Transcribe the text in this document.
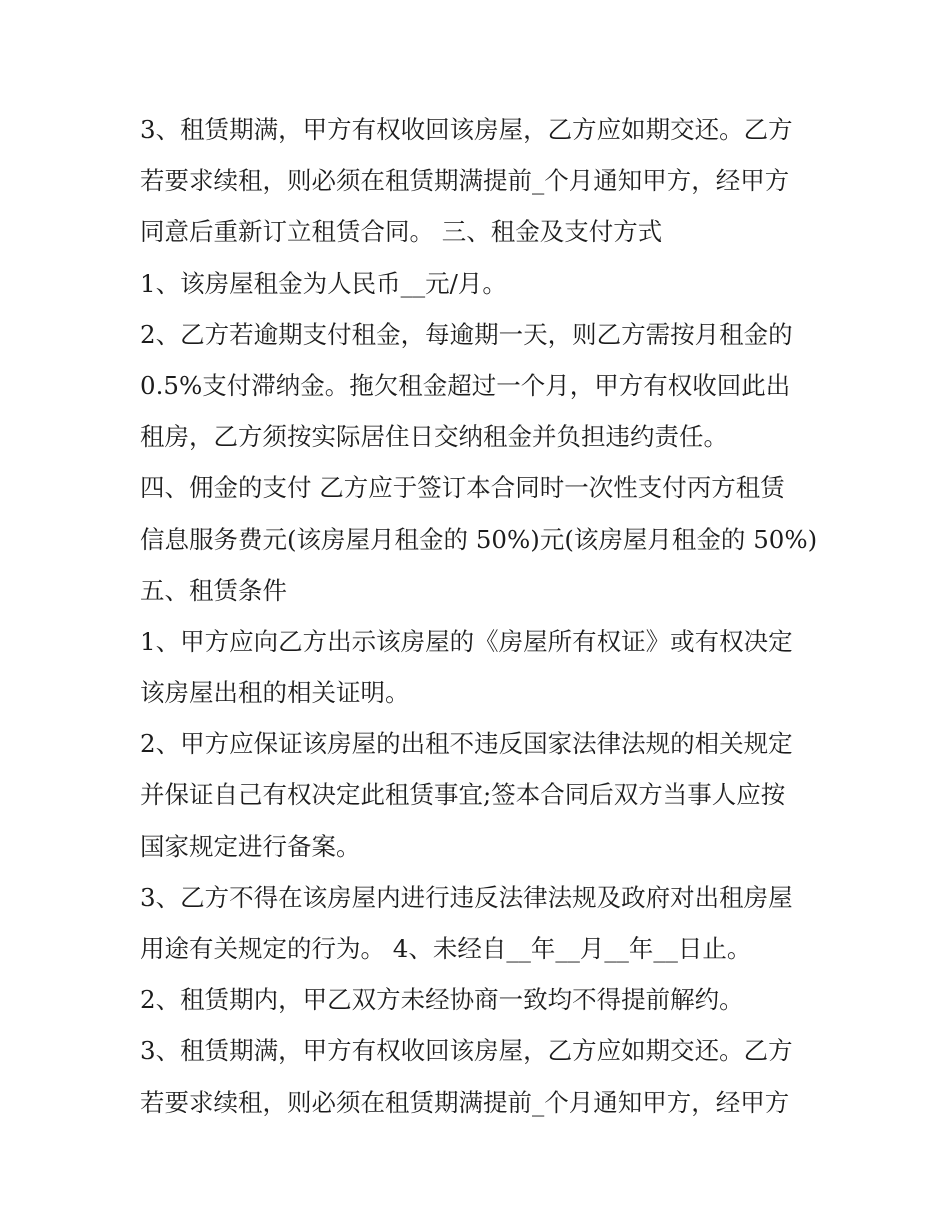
3、租赁期满，甲方有权收回该房屋，乙方应如期交还。乙方
若要求续租，则必须在租赁期满提前_个月通知甲方，经甲方
同意后重新订立租赁合同。 三、租金及支付方式
1、该房屋租金为人民币__元/月。
2、乙方若逾期支付租金，每逾期一天，则乙方需按月租金的
0.5%支付滞纳金。拖欠租金超过一个月，甲方有权收回此出
租房，乙方须按实际居住日交纳租金并负担违约责任。
四、佣金的支付 乙方应于签订本合同时一次性支付丙方租赁
信息服务费元(该房屋月租金的 50%)元(该房屋月租金的 50%)
五、租赁条件
1、甲方应向乙方出示该房屋的《房屋所有权证》或有权决定
该房屋出租的相关证明。
2、甲方应保证该房屋的出租不违反国家法律法规的相关规定
并保证自己有权决定此租赁事宜;签本合同后双方当事人应按
国家规定进行备案。
3、乙方不得在该房屋内进行违反法律法规及政府对出租房屋
用途有关规定的行为。 4、未经自__年__月__年__日止。
2、租赁期内，甲乙双方未经协商一致均不得提前解约。
3、租赁期满，甲方有权收回该房屋，乙方应如期交还。乙方
若要求续租，则必须在租赁期满提前_个月通知甲方，经甲方
